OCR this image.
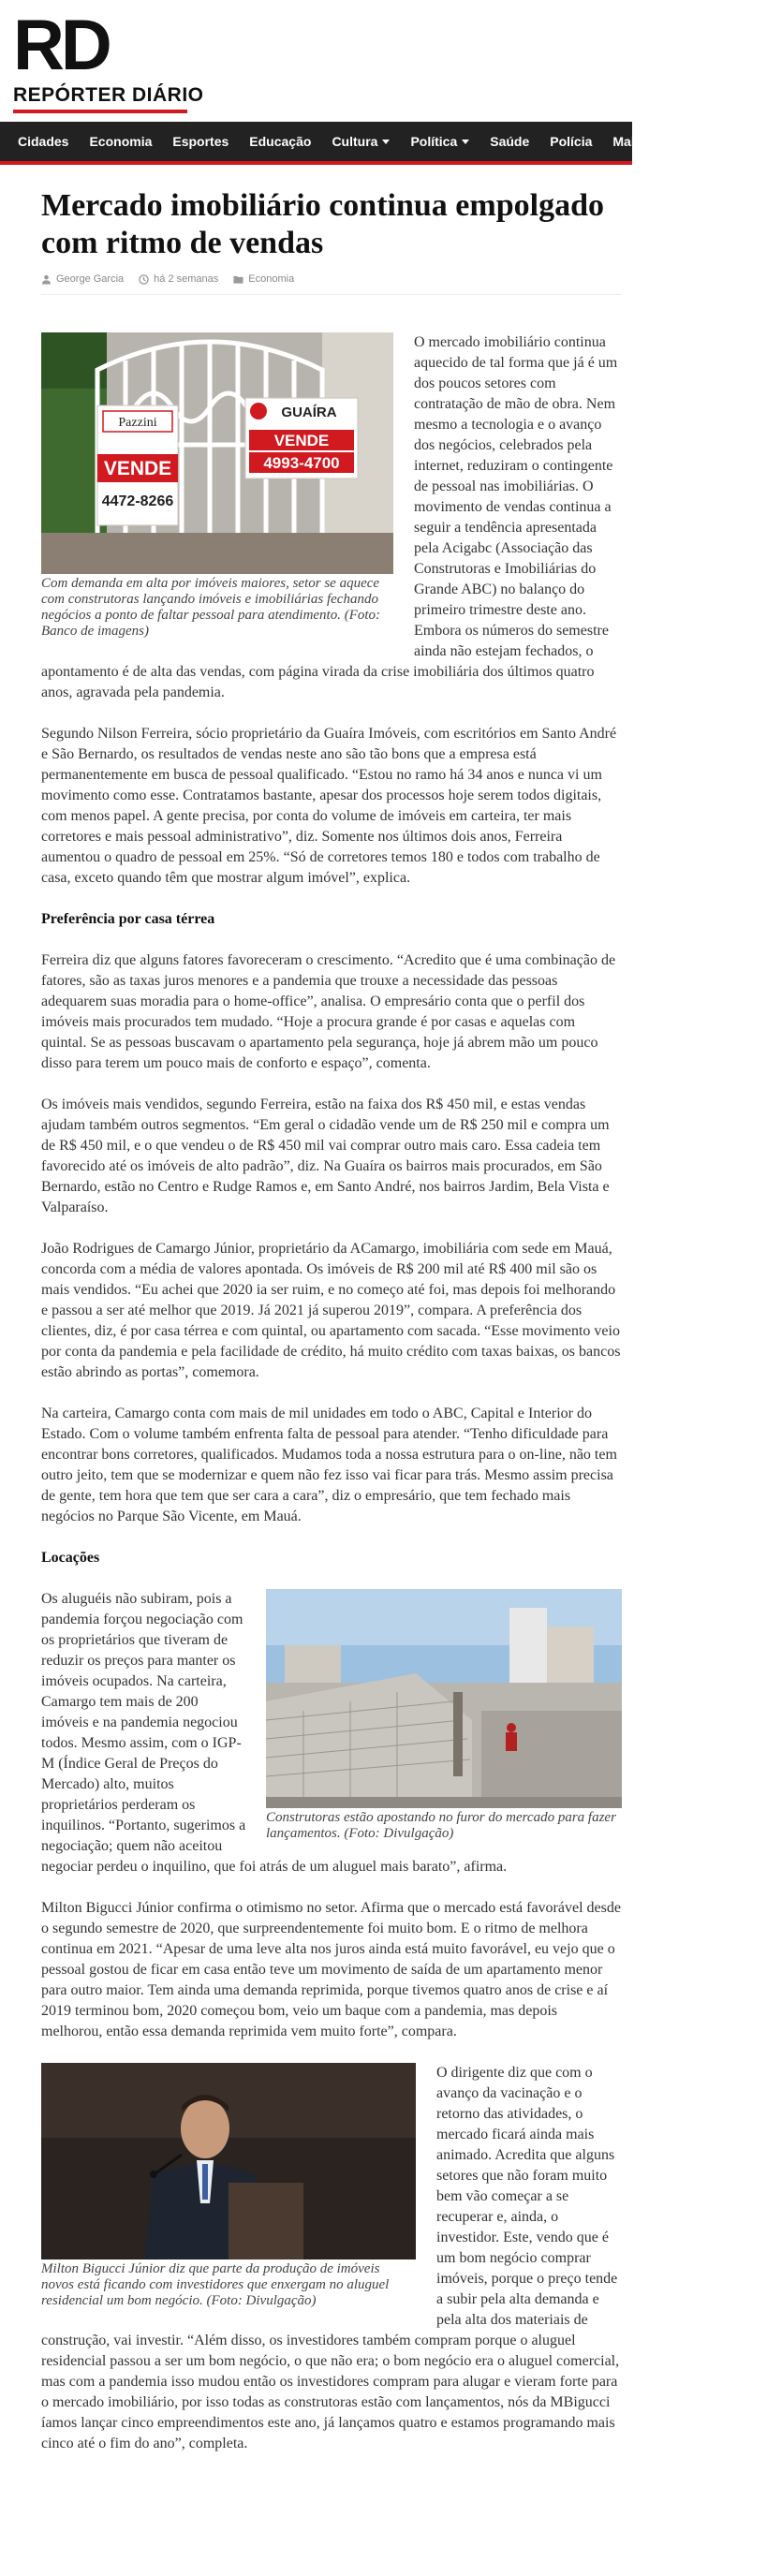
RD
REPÓRTER DIÁRIO
Cidades Economia Esportes Educação Cultura	Política	Saúde Polícia Mais	Ed
Mercado imobiliário continua empolgado com ritmo de vendas
George Garcia	há 2 semanas	Economia
Pazzini
VENDE
4472-8266
GUAÍRA
VENDE
4993-4700
Com demanda em alta por imóveis maiores, setor se aquece com construtoras lançando imóveis e imobiliárias fechando negócios a ponto de faltar pessoal para atendimento. (Foto: Banco de imagens)

O mercado imobiliário continua aquecido de tal forma que já é um dos poucos setores com contratação de mão de obra. Nem mesmo a tecnologia e o avanço dos negócios, celebrados pela internet, reduziram o contingente de pessoal nas imobiliárias. O movimento de vendas continua a seguir a tendência apresentada pela Acigabc (Associação das Construtoras e Imobiliárias do Grande ABC) no balanço do primeiro trimestre deste ano. Embora os números do semestre ainda não estejam fechados, o apontamento é de alta das vendas, com página virada da crise imobiliária dos últimos quatro anos, agravada pela pandemia.

Segundo Nilson Ferreira, sócio proprietário da Guaíra Imóveis, com escritórios em Santo André e São Bernardo, os resultados de vendas neste ano são tão bons que a empresa está permanentemente em busca de pessoal qualificado. “Estou no ramo há 34 anos e nunca vi um movimento como esse. Contratamos bastante, apesar dos processos hoje serem todos digitais, com menos papel. A gente precisa, por conta do volume de imóveis em carteira, ter mais corretores e mais pessoal administrativo”, diz. Somente nos últimos dois anos, Ferreira aumentou o quadro de pessoal em 25%. “Só de corretores temos 180 e todos com trabalho de casa, exceto quando têm que mostrar algum imóvel”, explica.

Preferência por casa térrea

Ferreira diz que alguns fatores favoreceram o crescimento. “Acredito que é uma combinação de fatores, são as taxas juros menores e a pandemia que trouxe a necessidade das pessoas adequarem suas moradia para o home-office”, analisa. O empresário conta que o perfil dos imóveis mais procurados tem mudado. “Hoje a procura grande é por casas e aquelas com quintal. Se as pessoas buscavam o apartamento pela segurança, hoje já abrem mão um pouco disso para terem um pouco mais de conforto e espaço”, comenta.

Os imóveis mais vendidos, segundo Ferreira, estão na faixa dos R$ 450 mil, e estas vendas ajudam também outros segmentos. “Em geral o cidadão vende um de R$ 250 mil e compra um de R$ 450 mil, e o que vendeu o de R$ 450 mil vai comprar outro mais caro. Essa cadeia tem favorecido até os imóveis de alto padrão”, diz. Na Guaíra os bairros mais procurados, em São Bernardo, estão no Centro e Rudge Ramos e, em Santo André, nos bairros Jardim, Bela Vista e Valparaíso.

João Rodrigues de Camargo Júnior, proprietário da ACamargo, imobiliária com sede em Mauá, concorda com a média de valores apontada. Os imóveis de R$ 200 mil até R$ 400 mil são os mais vendidos. “Eu achei que 2020 ia ser ruim, e no começo até foi, mas depois foi melhorando e passou a ser até melhor que 2019. Já 2021 já superou 2019”, compara. A preferência dos clientes, diz, é por casa térrea e com quintal, ou apartamento com sacada. “Esse movimento veio por conta da pandemia e pela facilidade de crédito, há muito crédito com taxas baixas, os bancos estão abrindo as portas”, comemora.

Na carteira, Camargo conta com mais de mil unidades em todo o ABC, Capital e Interior do Estado. Com o volume também enfrenta falta de pessoal para atender. “Tenho dificuldade para encontrar bons corretores, qualificados. Mudamos toda a nossa estrutura para o on-line, não tem outro jeito, tem que se modernizar e quem não fez isso vai ficar para trás. Mesmo assim precisa de gente, tem hora que tem que ser cara a cara”, diz o empresário, que tem fechado mais negócios no Parque São Vicente, em Mauá.

Locações
Construtoras estão apostando no furor do mercado para fazer lançamentos. (Foto: Divulgação)

Os aluguéis não subiram, pois a pandemia forçou negociação com os proprietários que tiveram de reduzir os preços para manter os imóveis ocupados. Na carteira, Camargo tem mais de 200 imóveis e na pandemia negociou todos. Mesmo assim, com o IGP-M (Índice Geral de Preços do Mercado) alto, muitos proprietários perderam os inquilinos. “Portanto, sugerimos a negociação; quem não aceitou negociar perdeu o inquilino, que foi atrás de um aluguel mais barato”, afirma.

Milton Bigucci Júnior confirma o otimismo no setor. Afirma que o mercado está favorável desde o segundo semestre de 2020, que surpreendentemente foi muito bom. E o ritmo de melhora continua em 2021. “Apesar de uma leve alta nos juros ainda está muito favorável, eu vejo que o pessoal gostou de ficar em casa então teve um movimento de saída de um apartamento menor para outro maior. Tem ainda uma demanda reprimida, porque tivemos quatro anos de crise e aí 2019 terminou bom, 2020 começou bom, veio um baque com a pandemia, mas depois melhorou, então essa demanda reprimida vem muito forte”, compara.

Milton Bigucci Júnior diz que parte da produção de imóveis novos está ficando com investidores que enxergam no aluguel residencial um bom negócio. (Foto: Divulgação)

O dirigente diz que com o avanço da vacinação e o retorno das atividades, o mercado ficará ainda mais animado. Acredita que alguns setores que não foram muito bem vão começar a se recuperar e, ainda, o investidor. Este, vendo que é um bom negócio comprar imóveis, porque o preço tende a subir pela alta demanda e pela alta dos materiais de construção, vai investir. “Além disso, os investidores também compram porque o aluguel residencial passou a ser um bom negócio, o que não era; o bom negócio era o aluguel comercial, mas com a pandemia isso mudou então os investidores compram para alugar e vieram forte para o mercado imobiliário, por isso todas as construtoras estão com lançamentos, nós da MBigucci íamos lançar cinco empreendimentos este ano, já lançamos quatro e estamos programando mais cinco até o fim do ano”, completa.
